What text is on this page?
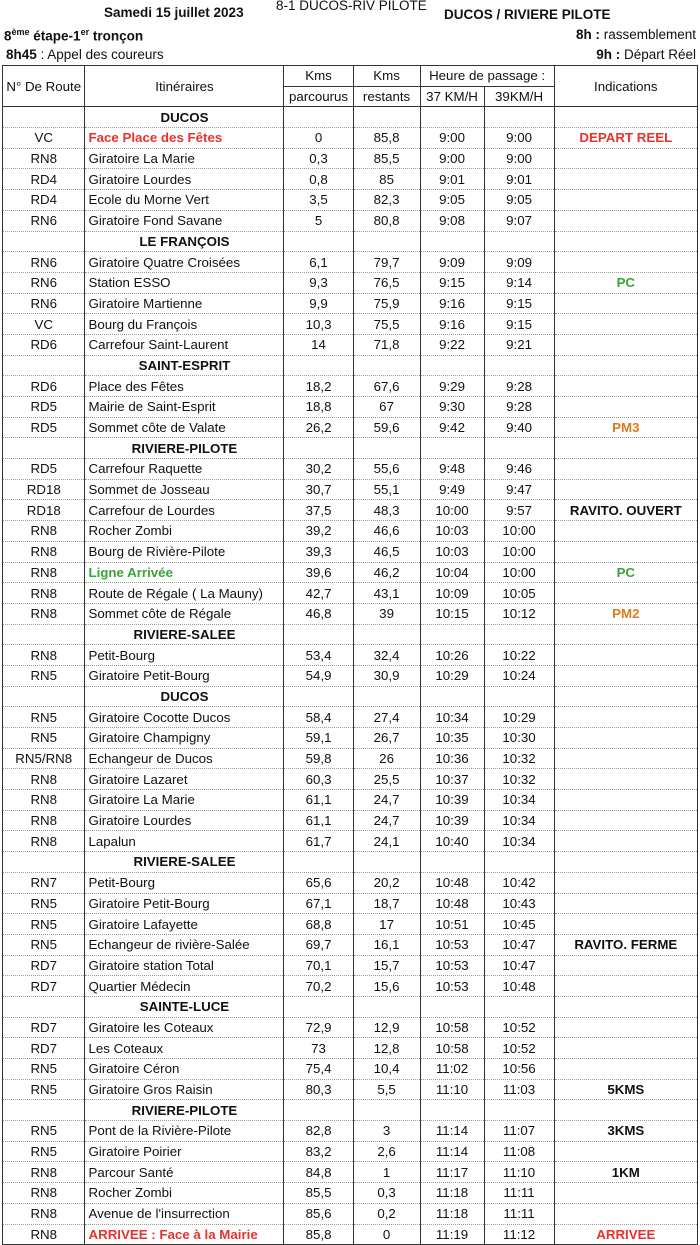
Samedi 15 juillet 2023 8-1 DUCOS-RIV PILOTE
DUCOS / RIVIERE PILOTE
8ème étape-1er tronçon	8h : rassemblement
8h45 : Appel des coureurs	9h : Départ Réel
N° De Route	Itinéraires	Kms	Kms	Heure de passage :		Indications
		parcourus	restants	37 KM/H	39KM/H	
	DUCOS					
VC	Face Place des Fêtes	0	85,8	9:00	9:00	DEPART REEL
RN8	Giratoire La Marie	0,3	85,5	9:00	9:00	
RD4	Giratoire Lourdes	0,8	85	9:01	9:01	
RD4	Ecole du Morne Vert	3,5	82,3	9:05	9:05	
RN6	Giratoire Fond Savane	5	80,8	9:08	9:07	
	LE FRANÇOIS					
RN6	Giratoire Quatre Croisées	6,1	79,7	9:09	9:09	
RN6	Station ESSO	9,3	76,5	9:15	9:14	PC
RN6	Giratoire Martienne	9,9	75,9	9:16	9:15	
VC	Bourg du François	10,3	75,5	9:16	9:15	
RD6	Carrefour Saint-Laurent	14	71,8	9:22	9:21	
	SAINT-ESPRIT					
RD6	Place des Fêtes	18,2	67,6	9:29	9:28	
RD5	Mairie de Saint-Esprit	18,8	67	9:30	9:28	
RD5	Sommet côte de Valate	26,2	59,6	9:42	9:40	PM3
	RIVIERE-PILOTE					
RD5	Carrefour Raquette	30,2	55,6	9:48	9:46	
RD18	Sommet de Josseau	30,7	55,1	9:49	9:47	
RD18	Carrefour de Lourdes	37,5	48,3	10:00	9:57	RAVITO. OUVERT
RN8	Rocher Zombi	39,2	46,6	10:03	10:00	
RN8	Bourg de Rivière-Pilote	39,3	46,5	10:03	10:00	
RN8	Ligne Arrivée	39,6	46,2	10:04	10:00	PC
RN8	Route de Régale ( La Mauny)	42,7	43,1	10:09	10:05	
RN8	Sommet côte de Régale	46,8	39	10:15	10:12	PM2
	RIVIERE-SALEE					
RN8	Petit-Bourg	53,4	32,4	10:26	10:22	
RN5	Giratoire Petit-Bourg	54,9	30,9	10:29	10:24	
	DUCOS					
RN5	Giratoire Cocotte Ducos	58,4	27,4	10:34	10:29	
RN5	Giratoire Champigny	59,1	26,7	10:35	10:30	
RN5/RN8	Echangeur de Ducos	59,8	26	10:36	10:32	
RN8	Giratoire Lazaret	60,3	25,5	10:37	10:32	
RN8	Giratoire La Marie	61,1	24,7	10:39	10:34	
RN8	Giratoire Lourdes	61,1	24,7	10:39	10:34	
RN8	Lapalun	61,7	24,1	10:40	10:34	
	RIVIERE-SALEE					
RN7	Petit-Bourg	65,6	20,2	10:48	10:42	
RN5	Giratoire Petit-Bourg	67,1	18,7	10:48	10:43	
RN5	Giratoire Lafayette	68,8	17	10:51	10:45	
RN5	Echangeur de rivière-Salée	69,7	16,1	10:53	10:47	RAVITO. FERME
RD7	Giratoire station Total	70,1	15,7	10:53	10:47	
RD7	Quartier Médecin	70,2	15,6	10:53	10:48	
	SAINTE-LUCE					
RD7	Giratoire les Coteaux	72,9	12,9	10:58	10:52	
RD7	Les Coteaux	73	12,8	10:58	10:52	
RN5	Giratoire Céron	75,4	10,4	11:02	10:56	
RN5	Giratoire Gros Raisin	80,3	5,5	11:10	11:03	5KMS
	RIVIERE-PILOTE					
RN5	Pont de la Rivière-Pilote	82,8	3	11:14	11:07	3KMS
RN5	Giratoire Poirier	83,2	2,6	11:14	11:08	
RN8	Parcour Santé	84,8	1	11:17	11:10	1KM
RN8	Rocher Zombi	85,5	0,3	11:18	11:11	
RN8	Avenue de l'insurrection	85,6	0,2	11:18	11:11	
RN8	ARRIVEE : Face à la Mairie	85,8	0	11:19	11:12	ARRIVEE
